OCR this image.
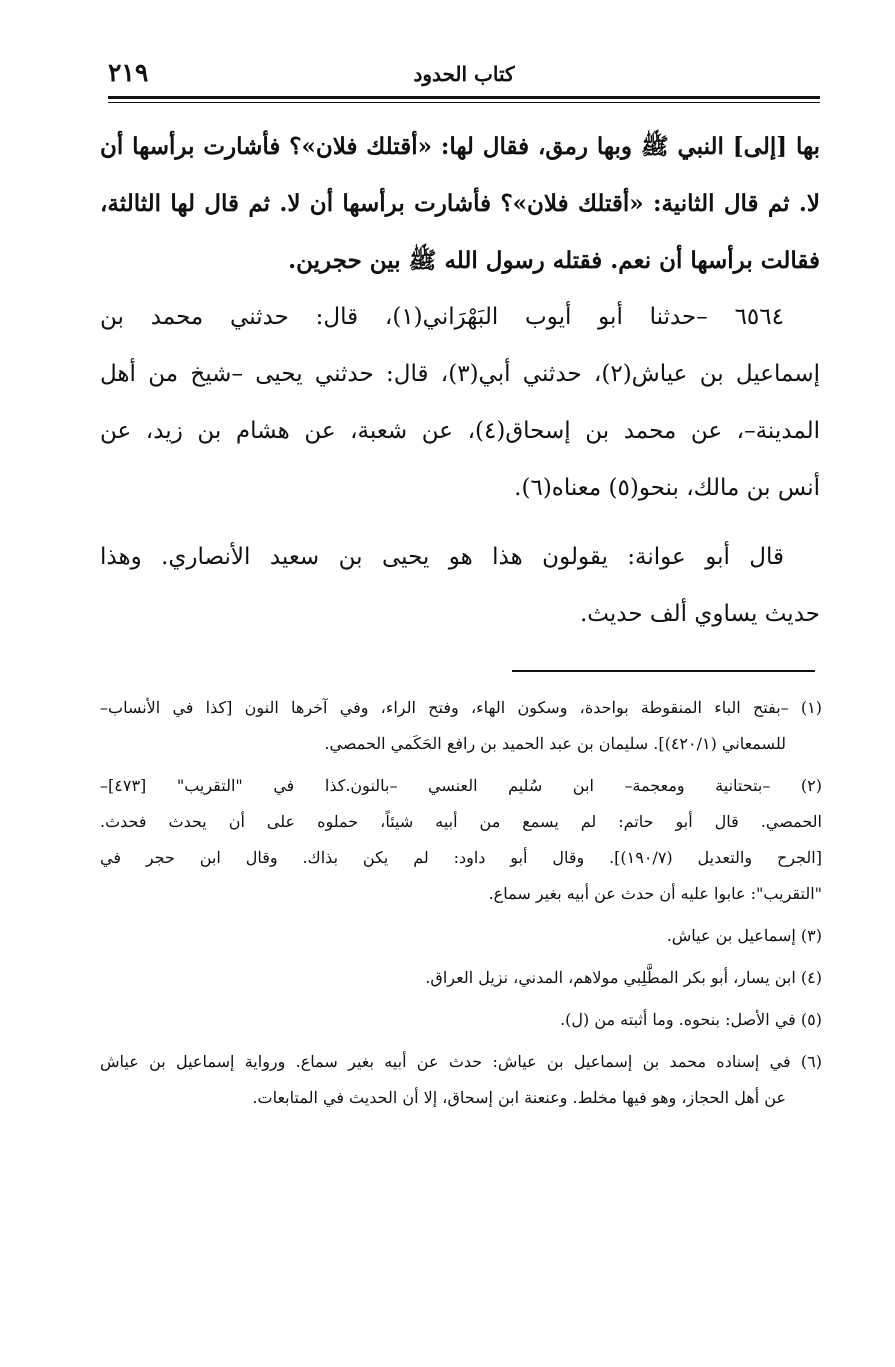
كتاب الحدود
٢١٩
بها [إلى] النبي ﷺ وبها رمق، فقال لها: «أقتلك فلان»؟ فأشارت برأسها أن
لا. ثم قال الثانية: «أقتلك فلان»؟ فأشارت برأسها أن لا. ثم قال لها الثالثة،
فقالت برأسها أن نعم. فقتله رسول الله ﷺ بين حجرين.
٦٥٦٤ –حدثنا أبو أيوب البَهْرَاني(١)، قال: حدثني محمد بن
إسماعيل بن عياش(٢)، حدثني أبي(٣)، قال: حدثني يحيى –شيخ من أهل
المدينة–، عن محمد بن إسحاق(٤)، عن شعبة، عن هشام بن زيد، عن
أنس بن مالك، بنحو(٥) معناه(٦).
قال أبو عوانة: يقولون هذا هو يحيى بن سعيد الأنصاري. وهذا
حديث يساوي ألف حديث.
(١) –بفتح الباء المنقوطة بواحدة، وسكون الهاء، وفتح الراء، وفي آخرها النون [كذا في الأنساب–
للسمعاني (٤٢٠/١)]. سليمان بن عبد الحميد بن رافع الحَكَمي الحمصي.
(٢) –بتحتانية ومعجمة– ابن سُليم العنسي –بالنون.كذا في "التقريب" [٤٧٣]–
الحمصي. قال أبو حاتم: لم يسمع من أبيه شيئاً، حملوه على أن يحدث فحدث.
[الجرح والتعديل (١٩٠/٧)]. وقال أبو داود: لم يكن بذاك. وقال ابن حجر في
"التقريب": عابوا عليه أن حدث عن أبيه بغير سماع.
(٣) إسماعيل بن عياش.
(٤) ابن يسار، أبو بكر المطَّلِبي مولاهم، المدني، نزيل العراق.
(٥) في الأصل: بنحوه. وما أثبته من (ل).
(٦) في إسناده محمد بن إسماعيل بن عياش: حدث عن أبيه بغير سماع. ورواية إسماعيل بن عياش
عن أهل الحجاز، وهو فيها مخلط. وعنعنة ابن إسحاق، إلا أن الحديث في المتابعات.
